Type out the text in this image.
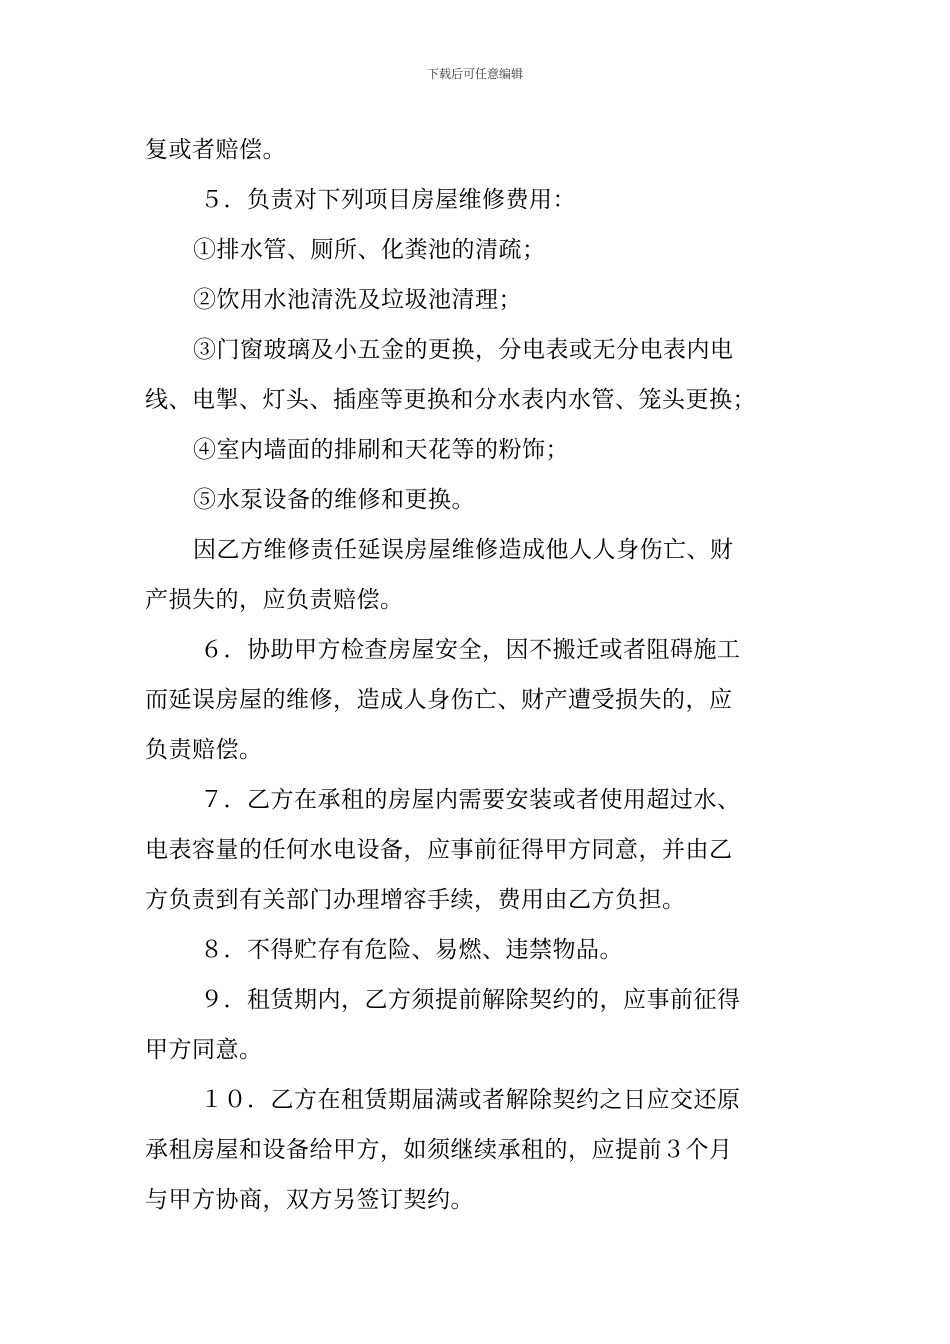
下载后可任意编辑
复或者赔偿。
５．负责对下列项目房屋维修费用：
①排水管、厕所、化粪池的清疏；
②饮用水池清洗及垃圾池清理；
③门窗玻璃及小五金的更换，分电表或无分电表内电
线、电掣、灯头、插座等更换和分水表内水管、笼头更换；
④室内墙面的排刷和天花等的粉饰；
⑤水泵设备的维修和更换。
因乙方维修责任延误房屋维修造成他人人身伤亡、财
产损失的，应负责赔偿。
６．协助甲方检查房屋安全，因不搬迁或者阻碍施工
而延误房屋的维修，造成人身伤亡、财产遭受损失的，应
负责赔偿。
７．乙方在承租的房屋内需要安装或者使用超过水、
电表容量的任何水电设备，应事前征得甲方同意，并由乙
方负责到有关部门办理增容手续，费用由乙方负担。
８．不得贮存有危险、易燃、违禁物品。
９．租赁期内，乙方须提前解除契约的，应事前征得
甲方同意。
１０．乙方在租赁期届满或者解除契约之日应交还原
承租房屋和设备给甲方，如须继续承租的，应提前３个月
与甲方协商，双方另签订契约。
